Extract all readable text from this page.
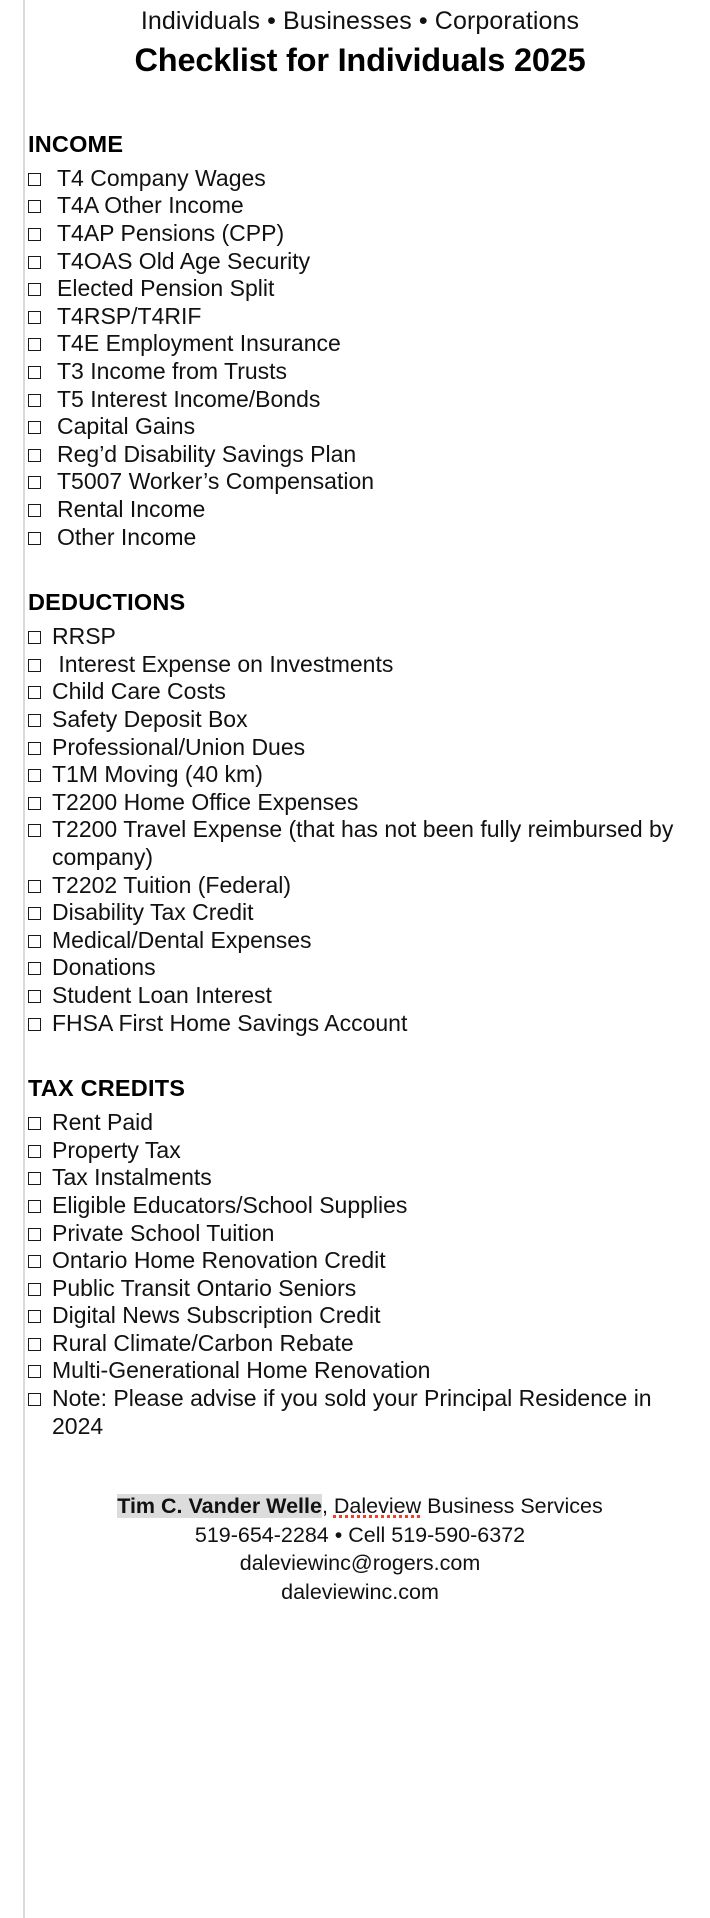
Individuals • Businesses • Corporations
Checklist for Individuals 2025
INCOME
T4 Company Wages
T4A Other Income
T4AP Pensions (CPP)
T4OAS Old Age Security
Elected Pension Split
T4RSP/T4RIF
T4E Employment Insurance
T3 Income from Trusts
T5 Interest Income/Bonds
Capital Gains
Reg’d Disability Savings Plan
T5007 Worker’s Compensation
Rental Income
Other Income
DEDUCTIONS
RRSP
Interest Expense on Investments
Child Care Costs
Safety Deposit Box
Professional/Union Dues
T1M Moving (40 km)
T2200 Home Office Expenses
T2200 Travel Expense (that has not been fully reimbursed by company)
T2202 Tuition (Federal)
Disability Tax Credit
Medical/Dental Expenses
Donations
Student Loan Interest
FHSA First Home Savings Account
TAX CREDITS
Rent Paid
Property Tax
Tax Instalments
Eligible Educators/School Supplies
Private School Tuition
Ontario Home Renovation Credit
Public Transit Ontario Seniors
Digital News Subscription Credit
Rural Climate/Carbon Rebate
Multi-Generational Home Renovation
Note: Please advise if you sold your Principal Residence in 2024
Tim C. Vander Welle, Daleview Business Services
519-654-2284 • Cell 519-590-6372
daleviewinc@rogers.com
daleviewinc.com
